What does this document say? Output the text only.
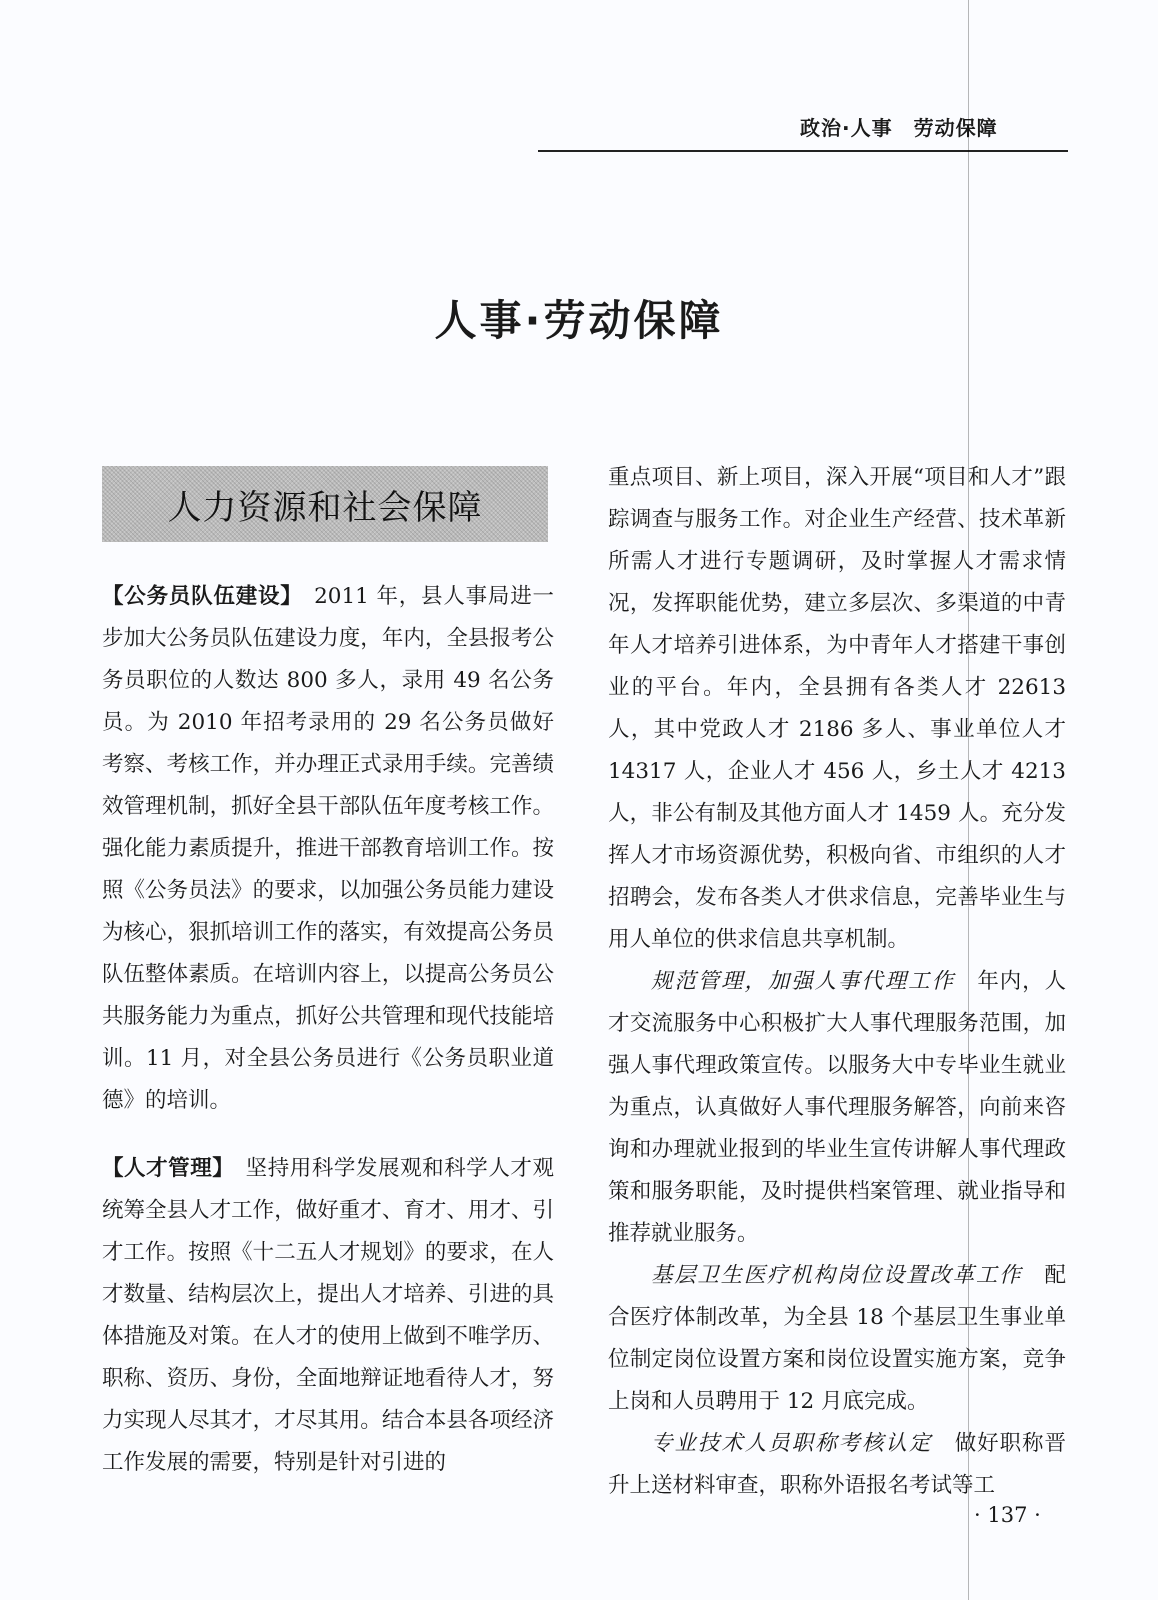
政治·人事　劳动保障
人事·劳动保障
人力资源和社会保障

【公务员队伍建设】　2011 年，县人事局进一步加大公务员队伍建设力度，年内，全县报考公务员职位的人数达 800 多人，录用 49 名公务员。为 2010 年招考录用的 29 名公务员做好考察、考核工作，并办理正式录用手续。完善绩效管理机制，抓好全县干部队伍年度考核工作。强化能力素质提升，推进干部教育培训工作。按照《公务员法》的要求，以加强公务员能力建设为核心，狠抓培训工作的落实，有效提高公务员队伍整体素质。在培训内容上，以提高公务员公共服务能力为重点，抓好公共管理和现代技能培训。11 月，对全县公务员进行《公务员职业道德》的培训。

【人才管理】　坚持用科学发展观和科学人才观统筹全县人才工作，做好重才、育才、用才、引才工作。按照《十二五人才规划》的要求，在人才数量、结构层次上，提出人才培养、引进的具体措施及对策。在人才的使用上做到不唯学历、职称、资历、身份，全面地辩证地看待人才，努力实现人尽其才，才尽其用。结合本县各项经济工作发展的需要，特别是针对引进的

重点项目、新上项目，深入开展“项目和人才”跟踪调查与服务工作。对企业生产经营、技术革新所需人才进行专题调研，及时掌握人才需求情况，发挥职能优势，建立多层次、多渠道的中青年人才培养引进体系，为中青年人才搭建干事创业的平台。年内，全县拥有各类人才 22613 人，其中党政人才 2186 多人、事业单位人才 14317 人，企业人才 456 人，乡土人才 4213 人，非公有制及其他方面人才 1459 人。充分发挥人才市场资源优势，积极向省、市组织的人才招聘会，发布各类人才供求信息，完善毕业生与用人单位的供求信息共享机制。

规范管理，加强人事代理工作　年内，人才交流服务中心积极扩大人事代理服务范围，加强人事代理政策宣传。以服务大中专毕业生就业为重点，认真做好人事代理服务解答，向前来咨询和办理就业报到的毕业生宣传讲解人事代理政策和服务职能，及时提供档案管理、就业指导和推荐就业服务。

基层卫生医疗机构岗位设置改革工作　配合医疗体制改革，为全县 18 个基层卫生事业单位制定岗位设置方案和岗位设置实施方案，竞争上岗和人员聘用于 12 月底完成。

专业技术人员职称考核认定　做好职称晋升上送材料审查，职称外语报名考试等工

· 137 ·
